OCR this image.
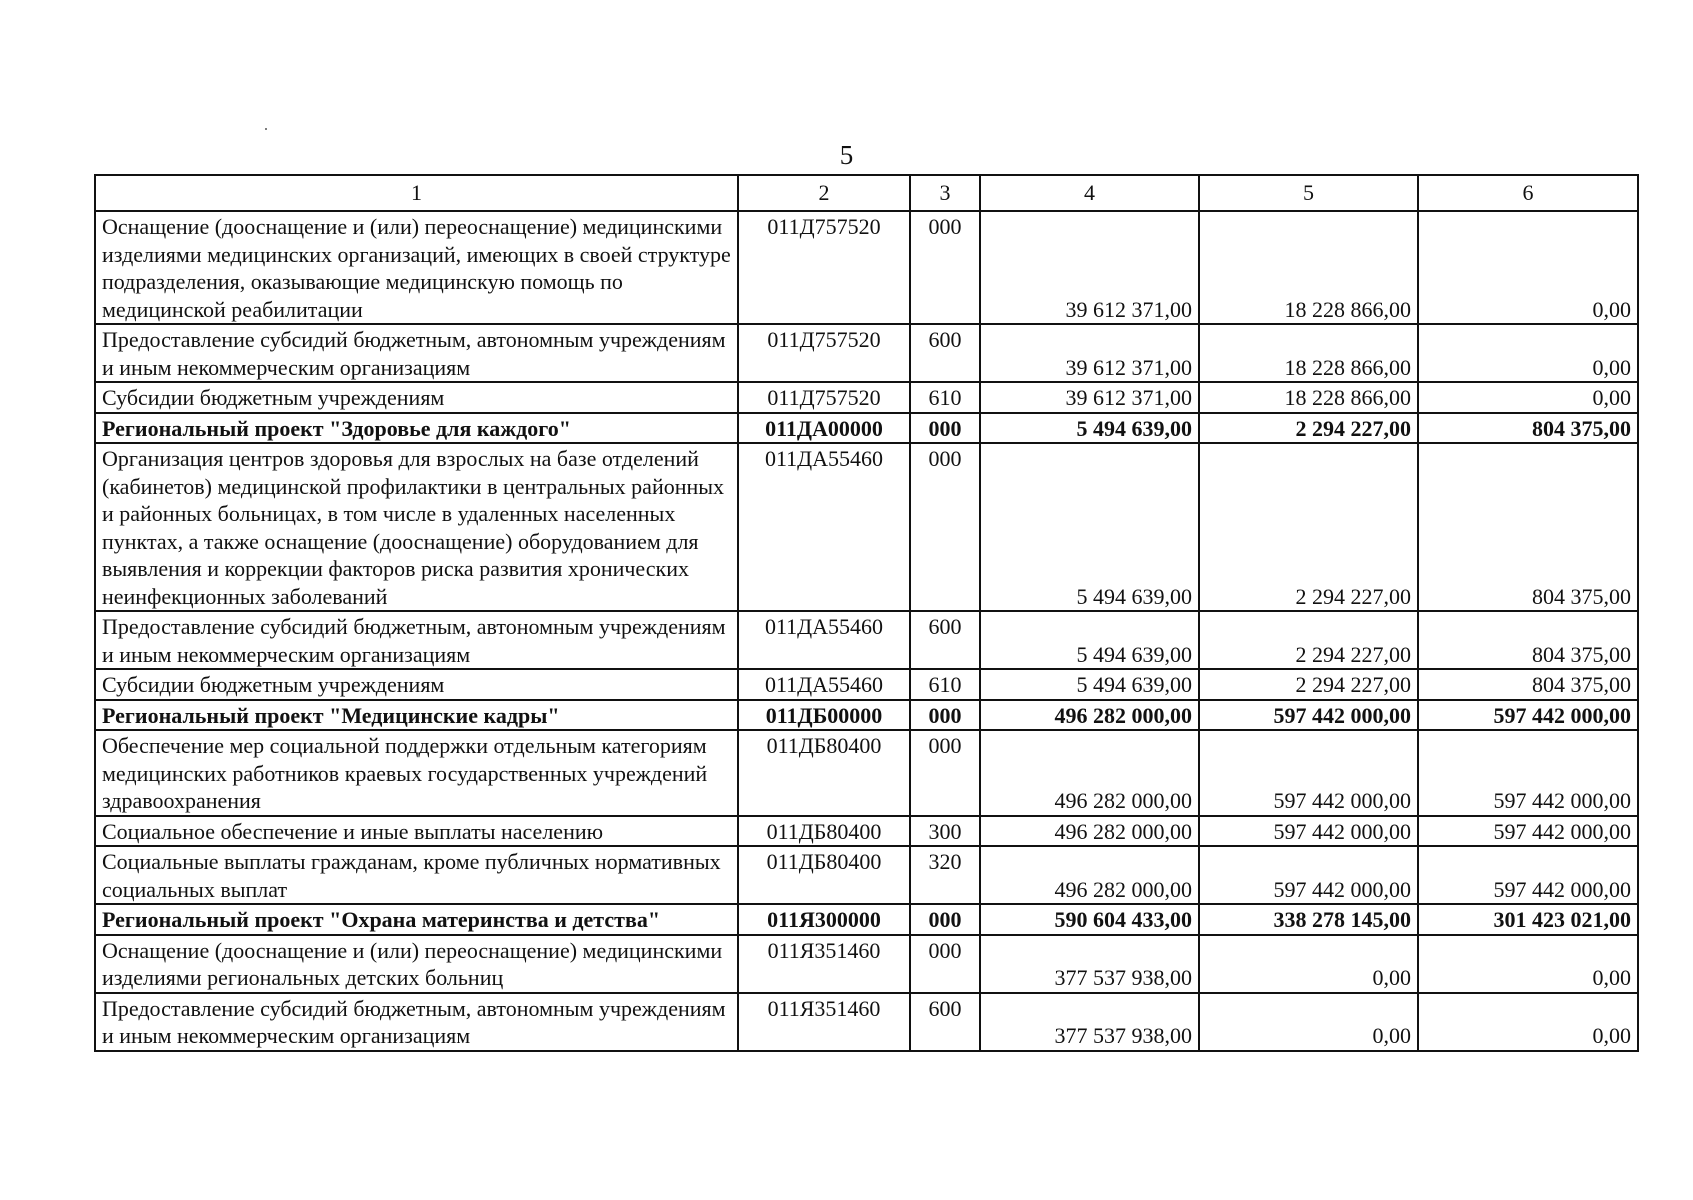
5
1	2	3	4	5	6
Оснащение (дооснащение и (или) переоснащение) медицинскими изделиями медицинских организаций, имеющих в своей структуре подразделения, оказывающие медицинскую помощь по медицинской реабилитации	011Д757520	000	39 612 371,00	18 228 866,00	0,00
Предоставление субсидий бюджетным, автономным учреждениям и иным некоммерческим организациям	011Д757520	600	39 612 371,00	18 228 866,00	0,00
Субсидии бюджетным учреждениям	011Д757520	610	39 612 371,00	18 228 866,00	0,00
Региональный проект "Здоровье для каждого"	011ДА00000	000	5 494 639,00	2 294 227,00	804 375,00
Организация центров здоровья для взрослых на базе отделений (кабинетов) медицинской профилактики в центральных районных и районных больницах, в том числе в удаленных населенных пунктах, а также оснащение (дооснащение) оборудованием для выявления и коррекции факторов риска развития хронических неинфекционных заболеваний	011ДА55460	000	5 494 639,00	2 294 227,00	804 375,00
Предоставление субсидий бюджетным, автономным учреждениям и иным некоммерческим организациям	011ДА55460	600	5 494 639,00	2 294 227,00	804 375,00
Субсидии бюджетным учреждениям	011ДА55460	610	5 494 639,00	2 294 227,00	804 375,00
Региональный проект "Медицинские кадры"	011ДБ00000	000	496 282 000,00	597 442 000,00	597 442 000,00
Обеспечение мер социальной поддержки отдельным категориям медицинских работников краевых государственных учреждений здравоохранения	011ДБ80400	000	496 282 000,00	597 442 000,00	597 442 000,00
Социальное обеспечение и иные выплаты населению	011ДБ80400	300	496 282 000,00	597 442 000,00	597 442 000,00
Социальные выплаты гражданам, кроме публичных нормативных социальных выплат	011ДБ80400	320	496 282 000,00	597 442 000,00	597 442 000,00
Региональный проект "Охрана материнства и детства"	011Я300000	000	590 604 433,00	338 278 145,00	301 423 021,00
Оснащение (дооснащение и (или) переоснащение) медицинскими изделиями региональных детских больниц	011Я351460	000	377 537 938,00	0,00	0,00
Предоставление субсидий бюджетным, автономным учреждениям и иным некоммерческим организациям	011Я351460	600	377 537 938,00	0,00	0,00
